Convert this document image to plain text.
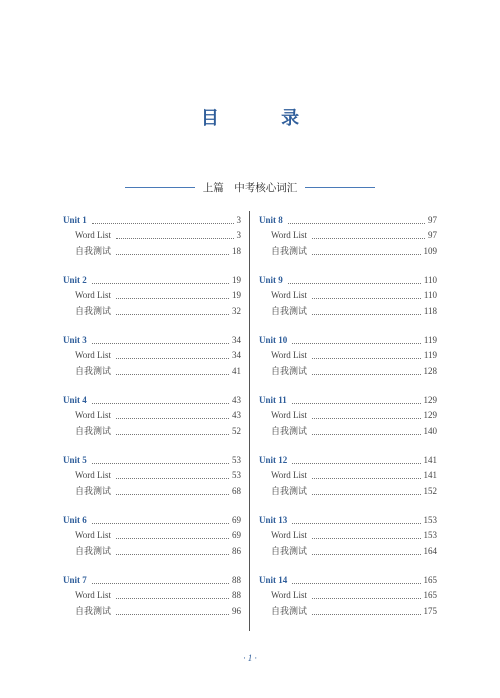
目 录
上篇　中考核心词汇
Unit 1	3
Word List	3
自我测试	18
Unit 2	19
Word List	19
自我测试	32
Unit 3	34
Word List	34
自我测试	41
Unit 4	43
Word List	43
自我测试	52
Unit 5	53
Word List	53
自我测试	68
Unit 6	69
Word List	69
自我测试	86
Unit 7	88
Word List	88
自我测试	96
Unit 8	97
Word List	97
自我测试	109
Unit 9	110
Word List	110
自我测试	118
Unit 10	119
Word List	119
自我测试	128
Unit 11	129
Word List	129
自我测试	140
Unit 12	141
Word List	141
自我测试	152
Unit 13	153
Word List	153
自我测试	164
Unit 14	165
Word List	165
自我测试	175
· 1 ·
